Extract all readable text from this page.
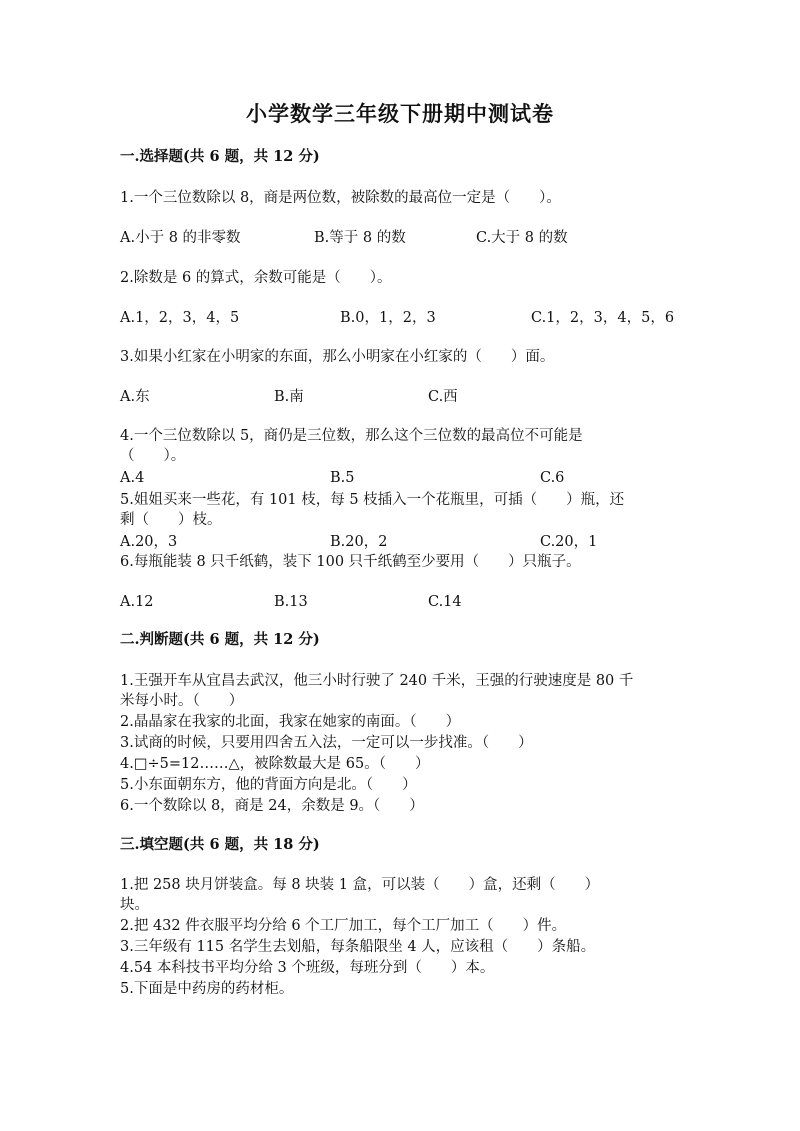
小学数学三年级下册期中测试卷
一.选择题(共 6 题，共 12 分)
1.一个三位数除以 8，商是两位数，被除数的最高位一定是（　　）。
A.小于 8 的非零数	B.等于 8 的数	C.大于 8 的数
2.除数是 6 的算式，余数可能是（　　）。
A.1，2，3，4，5	B.0，1，2，3	C.1，2，3，4，5，6
3.如果小红家在小明家的东面，那么小明家在小红家的（　　）面。
A.东	B.南	C.西
4.一个三位数除以 5，商仍是三位数，那么这个三位数的最高位不可能是
（　　）。
A.4	B.5	C.6
5.姐姐买来一些花，有 101 枝，每 5 枝插入一个花瓶里，可插（　　）瓶，还
剩（　　）枝。
A.20，3	B.20，2	C.20，1
6.每瓶能装 8 只千纸鹤，装下 100 只千纸鹤至少要用（　　）只瓶子。
A.12	B.13	C.14
二.判断题(共 6 题，共 12 分)
1.王强开车从宜昌去武汉，他三小时行驶了 240 千米，王强的行驶速度是 80 千
米每小时。（　　）
2.晶晶家在我家的北面，我家在她家的南面。（　　）
3.试商的时候，只要用四舍五入法，一定可以一步找准。（　　）
4.□÷5=12……△，被除数最大是 65。（　　）
5.小东面朝东方，他的背面方向是北。（　　）
6.一个数除以 8，商是 24，余数是 9。（　　）
三.填空题(共 6 题，共 18 分)
1.把 258 块月饼装盒。每 8 块装 1 盒，可以装（　　）盒，还剩（　　）
块。
2.把 432 件衣服平均分给 6 个工厂加工，每个工厂加工（　　）件。
3.三年级有 115 名学生去划船，每条船限坐 4 人，应该租（　　）条船。
4.54 本科技书平均分给 3 个班级，每班分到（　　）本。
5.下面是中药房的药材柜。
